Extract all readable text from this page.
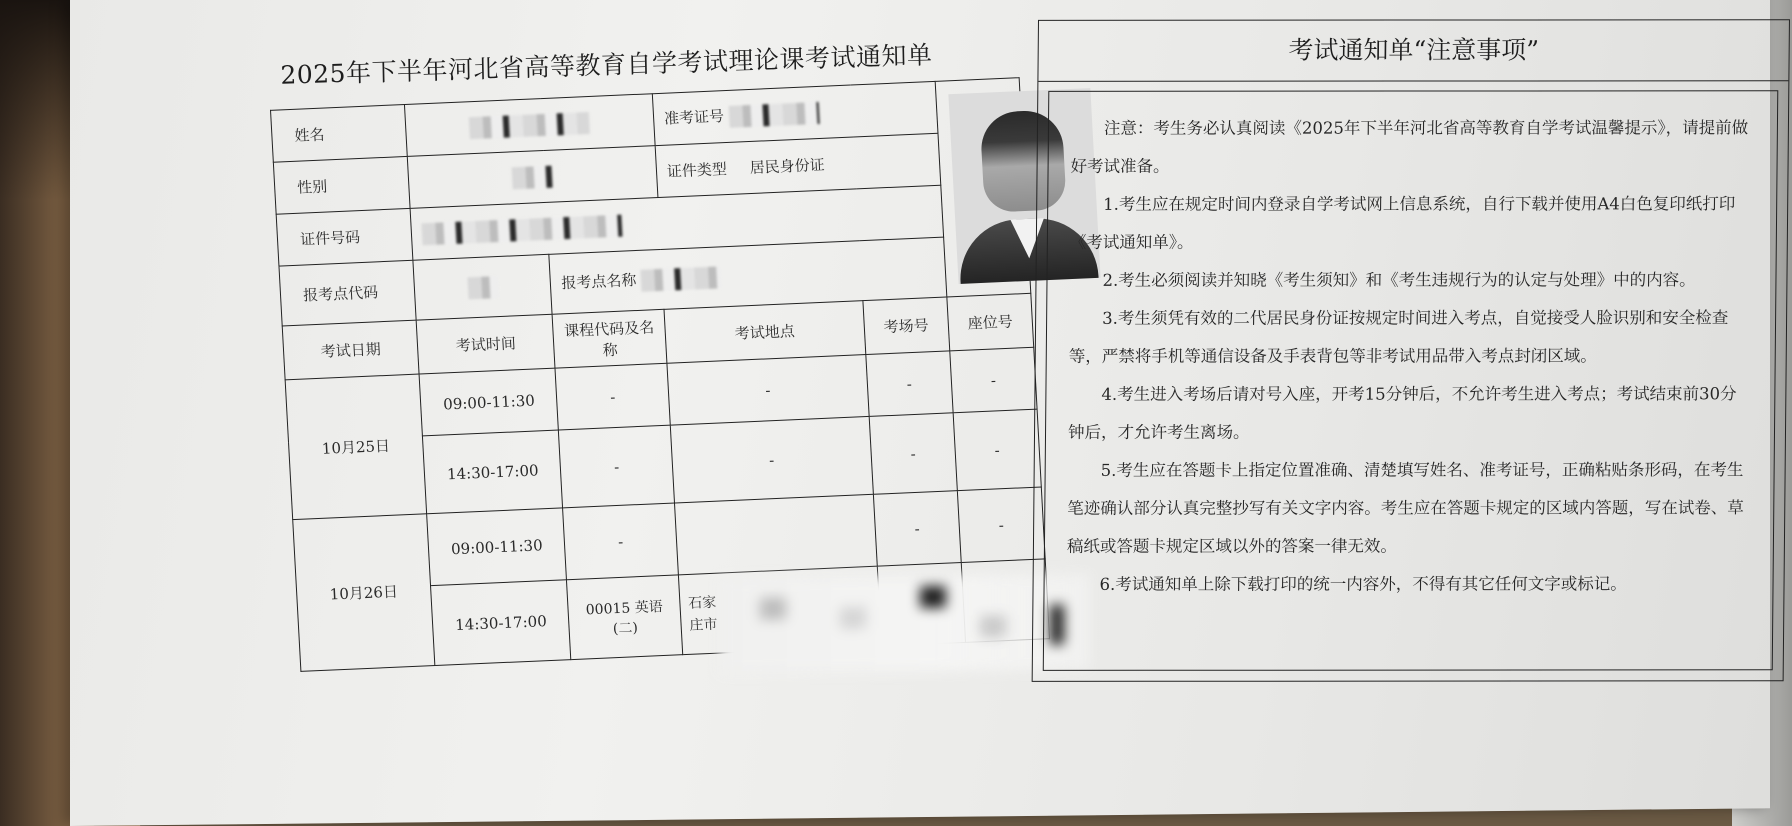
2025年下半年河北省高等教育自学考试理论课考试通知单
姓名			准考证号		

性别			证件类型 居民身份证		
证件号码					
报考点代码		报考点名称			
考试日期	考试时间	课程代码及名称	考试地点	考场号	座位号
10月25日	09:00-11:30	-	-	-	-
	14:30-17:00	-	-	-	-
10月26日	09:00-11:30	-		-	-
	14:30-17:00	00015 英语(二)	石家庄市		
考试通知单“注意事项”

注意：考生务必认真阅读《2025年下半年河北省高等教育自学考试温馨提示》，请提前做好考试准备。

1.考生应在规定时间内登录自学考试网上信息系统，自行下载并使用A4白色复印纸打印《考试通知单》。

2.考生必须阅读并知晓《考生须知》和《考生违规行为的认定与处理》中的内容。

3.考生须凭有效的二代居民身份证按规定时间进入考点，自觉接受人脸识别和安全检查等，严禁将手机等通信设备及手表背包等非考试用品带入考点封闭区域。

4.考生进入考场后请对号入座，开考15分钟后，不允许考生进入考点；考试结束前30分钟后，才允许考生离场。

5.考生应在答题卡上指定位置准确、清楚填写姓名、准考证号，正确粘贴条形码，在考生笔迹确认部分认真完整抄写有关文字内容。考生应在答题卡规定的区域内答题，写在试卷、草稿纸或答题卡规定区域以外的答案一律无效。

6.考试通知单上除下载打印的统一内容外，不得有其它任何文字或标记。
